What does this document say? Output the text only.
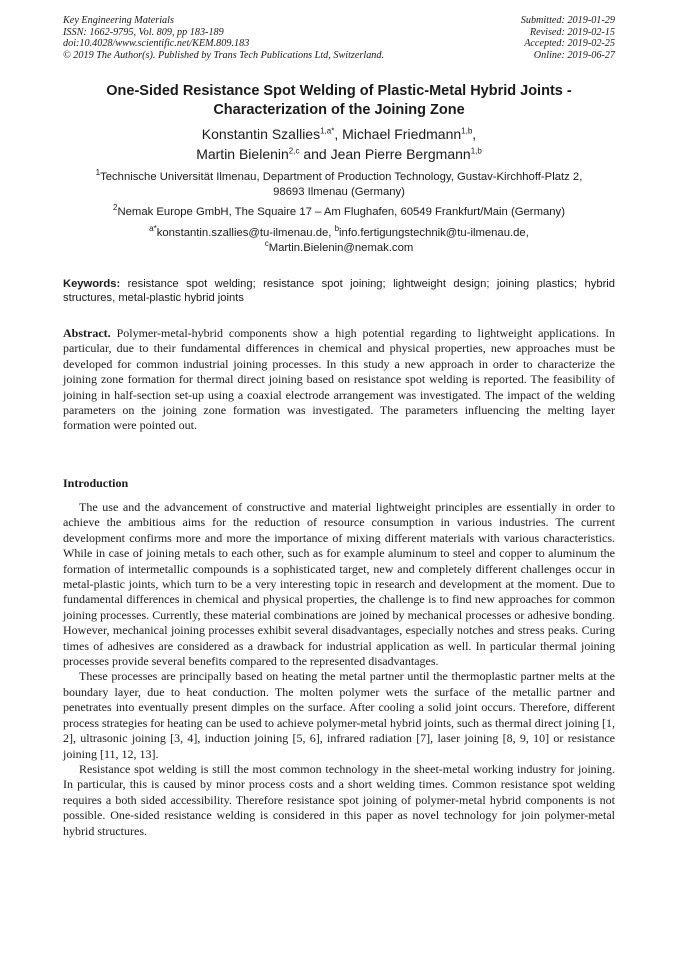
Key Engineering Materials
ISSN: 1662-9795, Vol. 809, pp 183-189
doi:10.4028/www.scientific.net/KEM.809.183
© 2019 The Author(s). Published by Trans Tech Publications Ltd, Switzerland.
Submitted: 2019-01-29
Revised: 2019-02-15
Accepted: 2019-02-25
Online: 2019-06-27
One-Sided Resistance Spot Welding of Plastic-Metal Hybrid Joints -
Characterization of the Joining Zone
Konstantin Szallies$^{1,a*}$, Michael Friedmann$^{1,b}$,
Martin Bielenin$^{2,c}$ and Jean Pierre Bergmann$^{1,b}$
$^1$Technische Universität Ilmenau, Department of Production Technology, Gustav-Kirchhoff-Platz 2,
98693 Ilmenau (Germany)
$^2$Nemak Europe GmbH, The Squaire 17 – Am Flughafen, 60549 Frankfurt/Main (Germany)
$^{a*}$konstantin.szallies@tu-ilmenau.de, $^b$info.fertigungstechnik@tu-ilmenau.de,
$^c$Martin.Bielenin@nemak.com
Keywords: resistance spot welding; resistance spot joining; lightweight design; joining plastics; hybrid structures, metal-plastic hybrid joints
Abstract. Polymer-metal-hybrid components show a high potential regarding to lightweight applications. In particular, due to their fundamental differences in chemical and physical properties, new approaches must be developed for common industrial joining processes. In this study a new approach in order to characterize the joining zone formation for thermal direct joining based on resistance spot welding is reported. The feasibility of joining in half-section set-up using a coaxial electrode arrangement was investigated. The impact of the welding parameters on the joining zone formation was investigated. The parameters influencing the melting layer formation were pointed out.
Introduction

The use and the advancement of constructive and material lightweight principles are essentially in order to achieve the ambitious aims for the reduction of resource consumption in various industries. The current development confirms more and more the importance of mixing different materials with various characteristics. While in case of joining metals to each other, such as for example aluminum to steel and copper to aluminum the formation of intermetallic compounds is a sophisticated target, new and completely different challenges occur in metal-plastic joints, which turn to be a very interesting topic in research and development at the moment. Due to fundamental differences in chemical and physical properties, the challenge is to find new approaches for common joining processes. Currently, these material combinations are joined by mechanical processes or adhesive bonding. However, mechanical joining processes exhibit several disadvantages, especially notches and stress peaks. Curing times of adhesives are considered as a drawback for industrial application as well. In particular thermal joining processes provide several benefits compared to the represented disadvantages.

These processes are principally based on heating the metal partner until the thermoplastic partner melts at the boundary layer, due to heat conduction. The molten polymer wets the surface of the metallic partner and penetrates into eventually present dimples on the surface. After cooling a solid joint occurs. Therefore, different process strategies for heating can be used to achieve polymer-metal hybrid joints, such as thermal direct joining [1, 2], ultrasonic joining [3, 4], induction joining [5, 6], infrared radiation [7], laser joining [8, 9, 10] or resistance joining [11, 12, 13].

Resistance spot welding is still the most common technology in the sheet-metal working industry for joining. In particular, this is caused by minor process costs and a short welding times. Common resistance spot welding requires a both sided accessibility. Therefore resistance spot joining of polymer-metal hybrid components is not possible. One-sided resistance welding is considered in this paper as novel technology for join polymer-metal hybrid structures.
